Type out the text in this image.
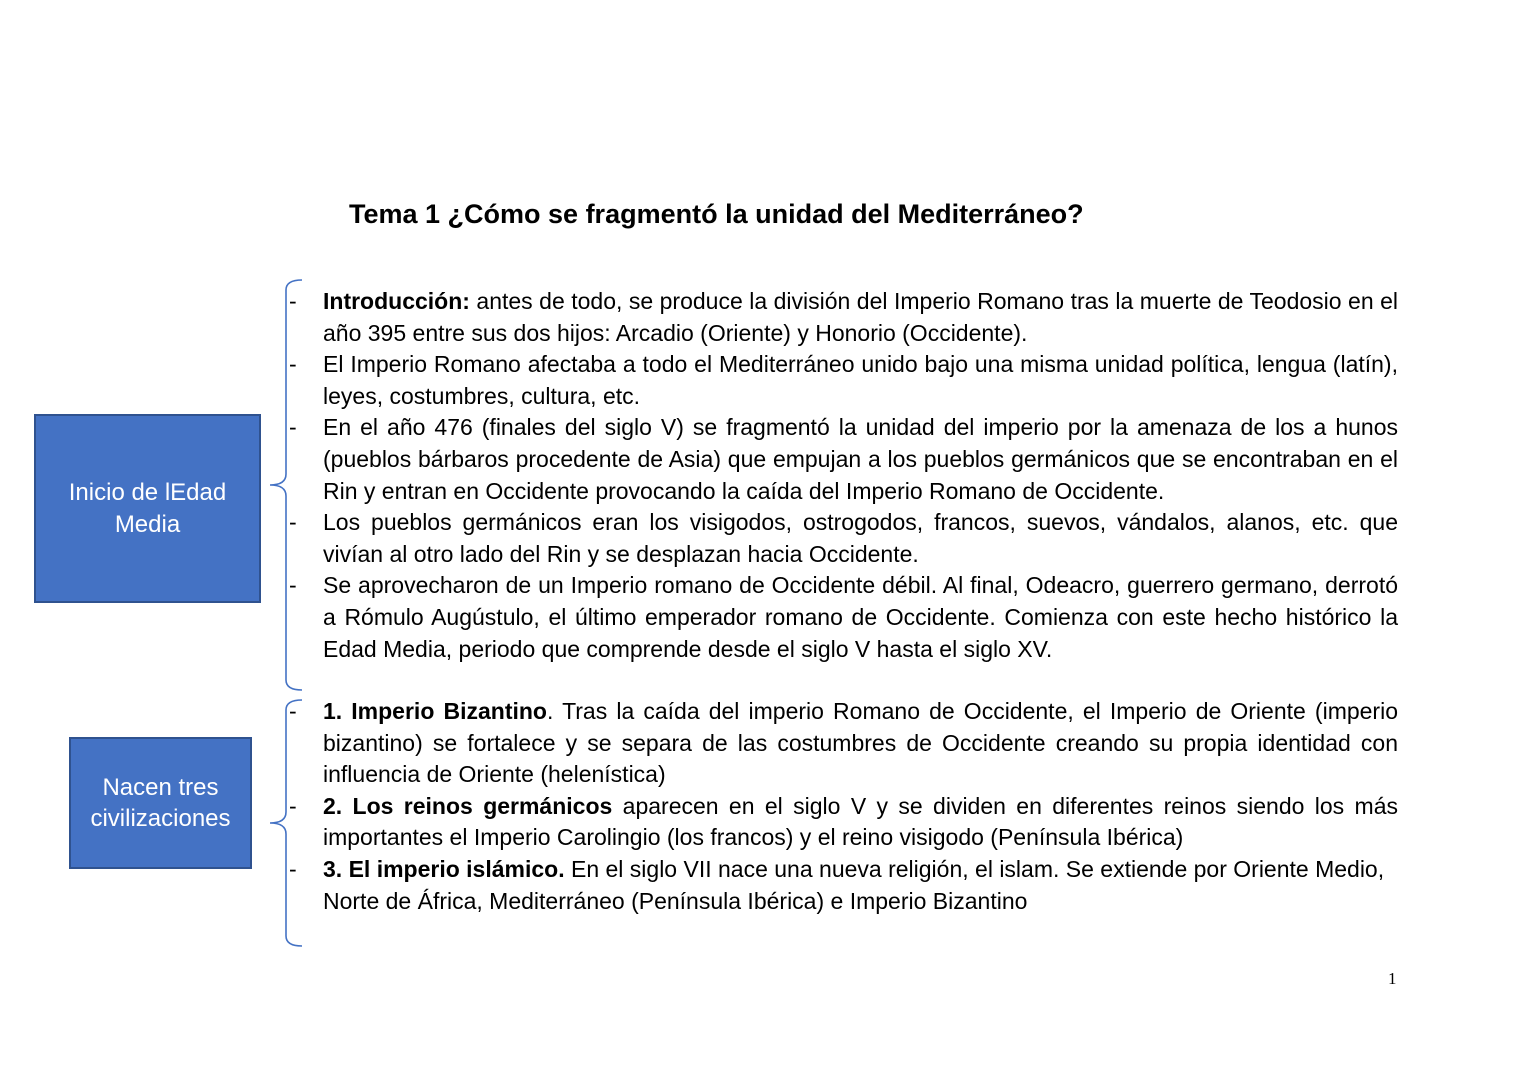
Tema 1 ¿Cómo se fragmentó la unidad del Mediterráneo?
Inicio de lEdad Media
Nacen tres civilizaciones
- Introducción: antes de todo, se produce la división del Imperio Romano tras la muerte de Teodosio en el año 395 entre sus dos hijos: Arcadio (Oriente) y Honorio (Occidente).
- El Imperio Romano afectaba a todo el Mediterráneo unido bajo una misma unidad política, lengua (latín), leyes, costumbres, cultura, etc.
- En el año 476 (finales del siglo V) se fragmentó la unidad del imperio por la amenaza de los a hunos (pueblos bárbaros procedente de Asia) que empujan a los pueblos germánicos que se encontraban en el Rin y entran en Occidente provocando la caída del Imperio Romano de Occidente.
- Los pueblos germánicos eran los visigodos, ostrogodos, francos, suevos, vándalos, alanos, etc. que vivían al otro lado del Rin y se desplazan hacia Occidente.
- Se aprovecharon de un Imperio romano de Occidente débil. Al final, Odeacro, guerrero germano, derrotó a Rómulo Augústulo, el último emperador romano de Occidente. Comienza con este hecho histórico la Edad Media, periodo que comprende desde el siglo V hasta el siglo XV.
- 1. Imperio Bizantino. Tras la caída del imperio Romano de Occidente, el Imperio de Oriente (imperio bizantino) se fortalece y se separa de las costumbres de Occidente creando su propia identidad con influencia de Oriente (helenística)
- 2. Los reinos germánicos aparecen en el siglo V y se dividen en diferentes reinos siendo los más importantes el Imperio Carolingio (los francos) y el reino visigodo (Península Ibérica)
- 3. El imperio islámico. En el siglo VII nace una nueva religión, el islam. Se extiende por Oriente Medio, Norte de África, Mediterráneo (Península Ibérica) e Imperio Bizantino
1
